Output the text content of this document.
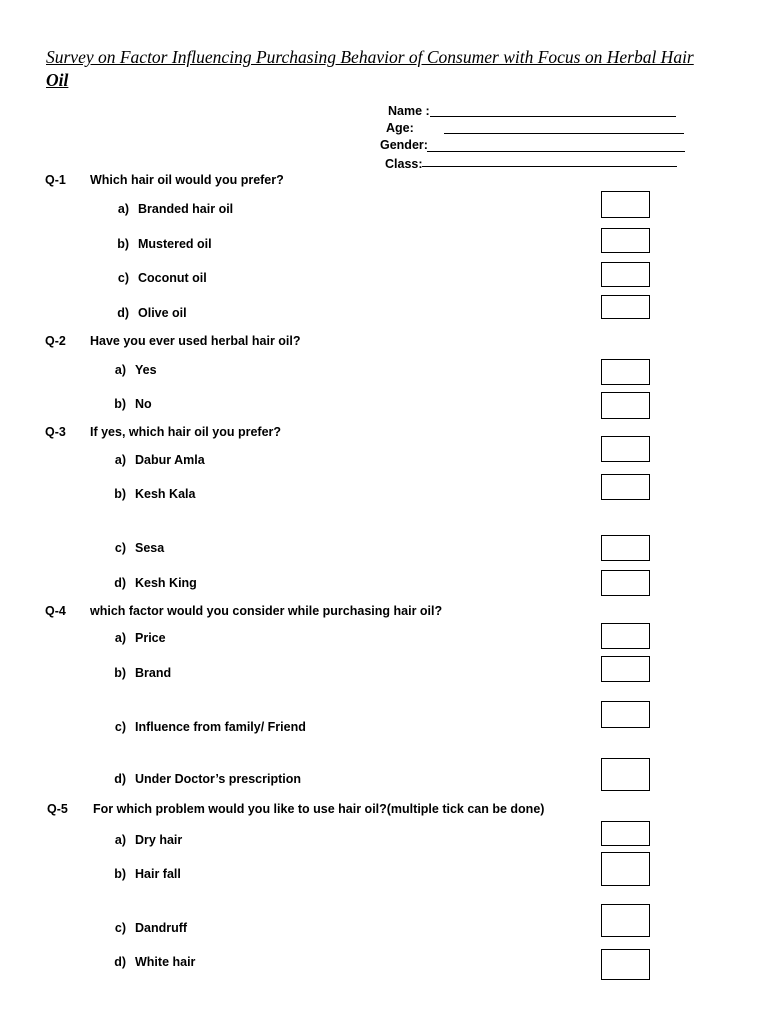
Survey on Factor Influencing Purchasing Behavior of Consumer with Focus on Herbal Hair
Oil
Name :
Age:
Gender:
Class:
Q-1 Which hair oil would you prefer?
a) Branded hair oil
b) Mustered oil
c) Coconut oil
d) Olive oil
Q-2 Have you ever used herbal hair oil?
a) Yes
b) No
Q-3 If yes, which hair oil you prefer?
a) Dabur Amla
b) Kesh Kala
c) Sesa
d) Kesh King
Q-4 which factor would you consider while purchasing hair oil?
a) Price
b) Brand
c) Influence from family/ Friend
d) Under Doctor’s prescription
Q-5 For which problem would you like to use hair oil?(multiple tick can be done)
a) Dry hair
b) Hair fall
c) Dandruff
d) White hair
